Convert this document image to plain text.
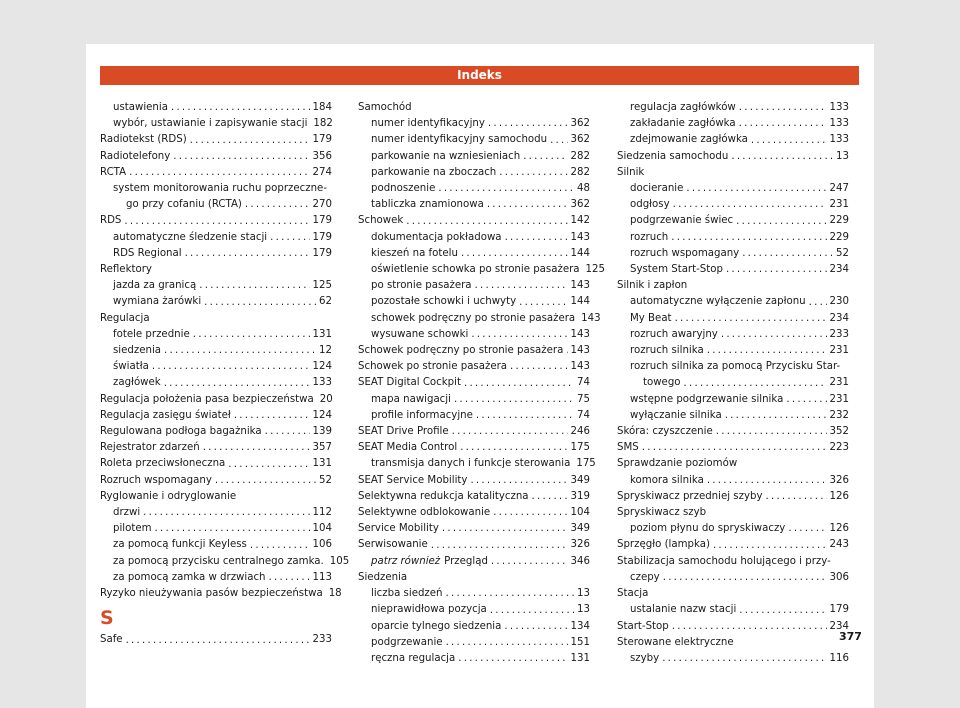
Indeks
ustawienia . . .	184
wybór, ustawianie i zapisywanie stacji 182
Radiotekst (RDS) . . .	179
Radiotelefony . . .	356
RCTA . . .	274
system monitorowania ruchu poprzeczne-
go przy cofaniu (RCTA) . . .	270
RDS . . .	179
automatyczne śledzenie stacji . . .	179
RDS Regional . . .	179
Reflektory
jazda za granicą . . .	125
wymiana żarówki . . .	62
Regulacja
fotele przednie . . .	131
siedzenia . . .	12
światła . . .	124
zagłówek . . .	133
Regulacja położenia pasa bezpieczeństwa 20
Regulacja zasięgu świateł . . .	124
Regulowana podłoga bagażnika . . .	139
Rejestrator zdarzeń . . .	357
Roleta przeciwsłoneczna . . .	131
Rozruch wspomagany . . .	52
Ryglowanie i odryglowanie
drzwi . . .	112
pilotem . . .	104
za pomocą funkcji Keyless . . .	106
za pomocą przycisku centralnego zamka. 105
za pomocą zamka w drzwiach . . .	113
Ryzyko nieużywania pasów bezpieczeństwa 18
S
Safe . . .	233
Samochód
numer identyfikacyjny . . .	362
numer identyfikacyjny samochodu . . . 362
parkowanie na wzniesieniach . . .	282
parkowanie na zboczach . . .	282
podnoszenie . . .	48
tabliczka znamionowa . . .	362
Schowek . . .	142
dokumentacja pokładowa . . .	143
kieszeń na fotelu . . .	144
oświetlenie schowka po stronie pasażera 125
po stronie pasażera . . .	143
pozostałe schowki i uchwyty . . .	144
schowek podręczny po stronie pasażera 143
wysuwane schowki . . .	143
Schowek podręczny po stronie pasażera . . . 143
Schowek po stronie pasażera . . .	143
SEAT Digital Cockpit . . .	74
mapa nawigacji . . .	75
profile informacyjne . . .	74
SEAT Drive Profile . . .	246
SEAT Media Control . . .	175
transmisja danych i funkcje sterowania 175
SEAT Service Mobility . . .	349
Selektywna redukcja katalityczna . . .	319
Selektywne odblokowanie . . .	104
Service Mobility . . .	349
Serwisowanie . . .	326
patrz również Przegląd . . .	346
Siedzenia
liczba siedzeń . . .	13
nieprawidłowa pozycja . . .	13
oparcie tylnego siedzenia . . .	134
podgrzewanie . . .	151
ręczna regulacja . . .	131
regulacja zagłówków . . .	133
zakładanie zagłówka . . .	133
zdejmowanie zagłówka . . .	133
Siedzenia samochodu . . .	13
Silnik
docieranie . . .	247
odgłosy . . .	231
podgrzewanie świec . . .	229
rozruch . . .	229
rozruch wspomagany . . .	52
System Start-Stop . . .	234
Silnik i zapłon
automatyczne wyłączenie zapłonu . . . 230
My Beat . . .	234
rozruch awaryjny . . .	233
rozruch silnika . . .	231
rozruch silnika za pomocą Przycisku Star-
towego . . .	231
wstępne podgrzewanie silnika . . .	231
wyłączanie silnika . . .	232
Skóra: czyszczenie . . .	352
SMS . . .	223
Sprawdzanie poziomów
komora silnika . . .	326
Spryskiwacz przedniej szyby . . .	126
Spryskiwacz szyb
poziom płynu do spryskiwaczy . . .	126
Sprzęgło (lampka) . . .	243
Stabilizacja samochodu holującego i przy-
czepy . . .	306
Stacja
ustalanie nazw stacji . . .	179
Start-Stop . . .	234
Sterowane elektryczne
szyby . . .	116
377
